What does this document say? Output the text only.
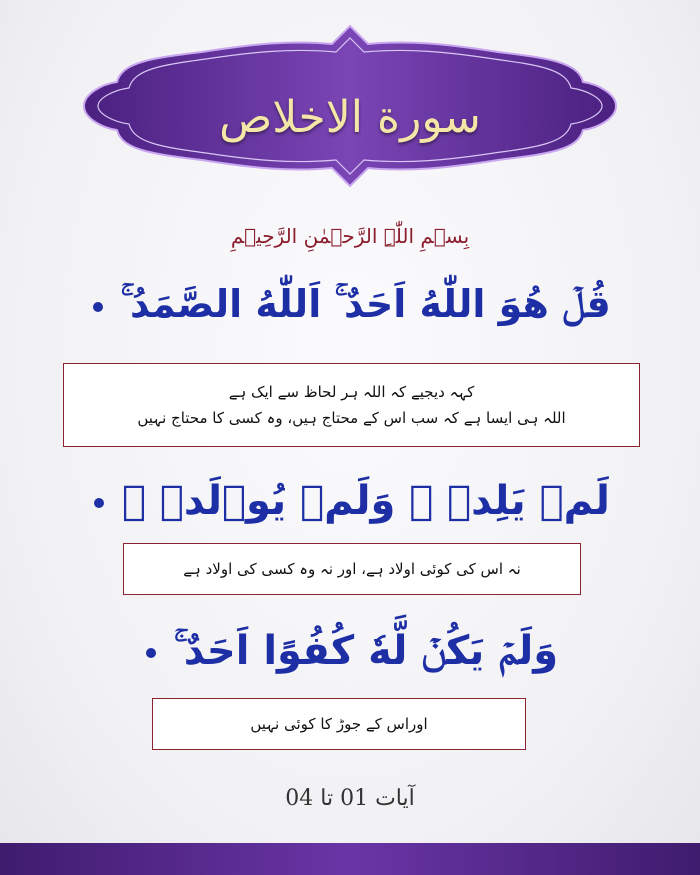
سورة الاخلاص
بِسۡمِ اللّٰہِ الرَّحۡمٰنِ الرَّحِیۡمِ
قُلۡ هُوَ اللّٰهُ اَحَدٌ ۚ اَللّٰهُ الصَّمَدُ ۚ
کہہ دیجیے کہ اللہ ہر لحاظ سے ایک ہے
اللہ ہی ایسا ہے کہ سب اس کے محتاج ہیں، وہ کسی کا محتاج نہیں
لَمۡ يَلِدۡ ۙ وَلَمۡ يُوۡلَدۡ ۙ
نہ اس کی کوئی اولاد ہے، اور نہ وہ کسی کی اولاد ہے
وَلَمۡ يَكُنۡ لَّهٗ كُفُوًا اَحَدٌ ۚ
اوراس کے جوڑ کا کوئی نہیں
آیات 01 تا 04
